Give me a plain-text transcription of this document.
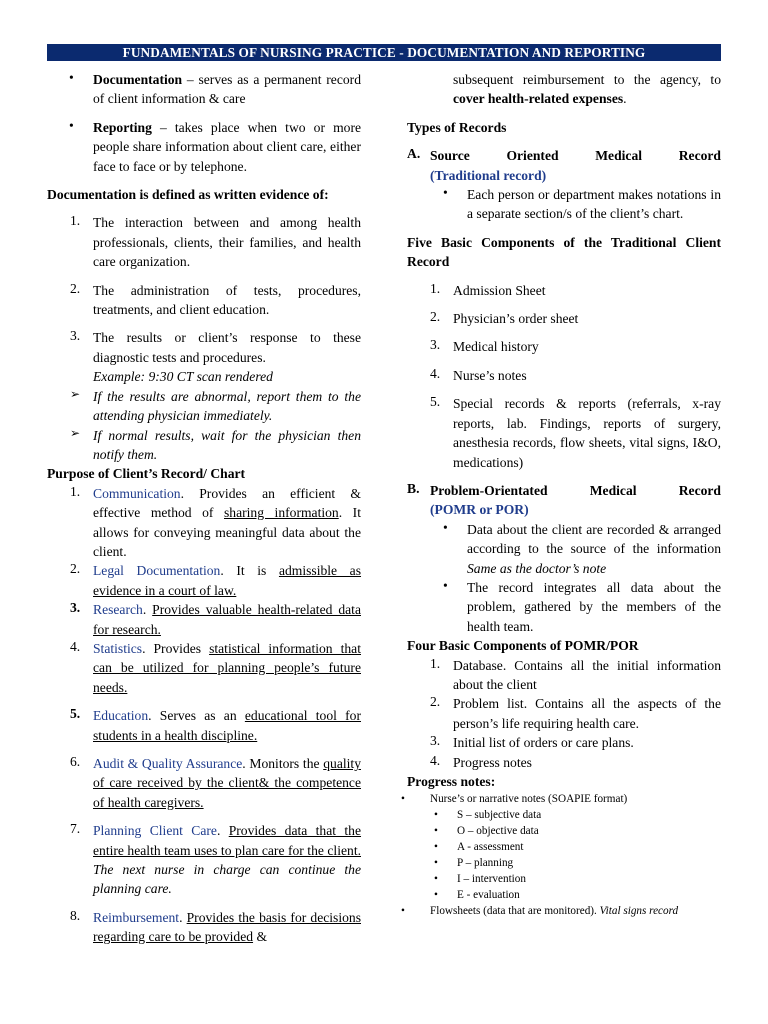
FUNDAMENTALS OF NURSING PRACTICE - DOCUMENTATION AND REPORTING
• Documentation – serves as a permanent record of client information & care
• Reporting – takes place when two or more people share information about client care, either face to face or by telephone.
Documentation is defined as written evidence of:
1. The interaction between and among health professionals, clients, their families, and health care organization.
2. The administration of tests, procedures, treatments, and client education.
3. The results or client’s response to these diagnostic tests and procedures.
Example: 9:30 CT scan rendered
➢ If the results are abnormal, report them to the attending physician immediately.
➢ If normal results, wait for the physician then notify them.
Purpose of Client’s Record/ Chart
1. Communication. Provides an efficient & effective method of sharing information. It allows for conveying meaningful data about the client.
2. Legal Documentation. It is admissible as evidence in a court of law.
3. Research. Provides valuable health-related data for research.
4. Statistics. Provides statistical information that can be utilized for planning people’s future needs.
5. Education. Serves as an educational tool for students in a health discipline.
6. Audit & Quality Assurance. Monitors the quality of care received by the client& the competence of health caregivers.
7. Planning Client Care. Provides data that the entire health team uses to plan care for the client. The next nurse in charge can continue the planning care.
8. Reimbursement. Provides the basis for decisions regarding care to be provided &
subsequent reimbursement to the agency, to cover health-related expenses.
Types of Records
A. Source Oriented Medical Record
(Traditional record)
• Each person or department makes notations in a separate section/s of the client’s chart.
Five Basic Components of the Traditional Client Record
1. Admission Sheet
2. Physician’s order sheet
3. Medical history
4. Nurse’s notes
5. Special records & reports (referrals, x-ray reports, lab. Findings, reports of surgery, anesthesia records, flow sheets, vital signs, I&O, medications)
B. Problem-Orientated Medical Record
(POMR or POR)
• Data about the client are recorded & arranged according to the source of the information Same as the doctor’s note
• The record integrates all data about the problem, gathered by the members of the health team.
Four Basic Components of POMR/POR
1. Database. Contains all the initial information about the client
2. Problem list. Contains all the aspects of the person’s life requiring health care.
3. Initial list of orders or care plans.
4. Progress notes
Progress notes:
• Nurse’s or narrative notes (SOAPIE format)
• S – subjective data
• O – objective data
• A - assessment
• P – planning
• I – intervention
• E - evaluation
• Flowsheets (data that are monitored). Vital signs record
